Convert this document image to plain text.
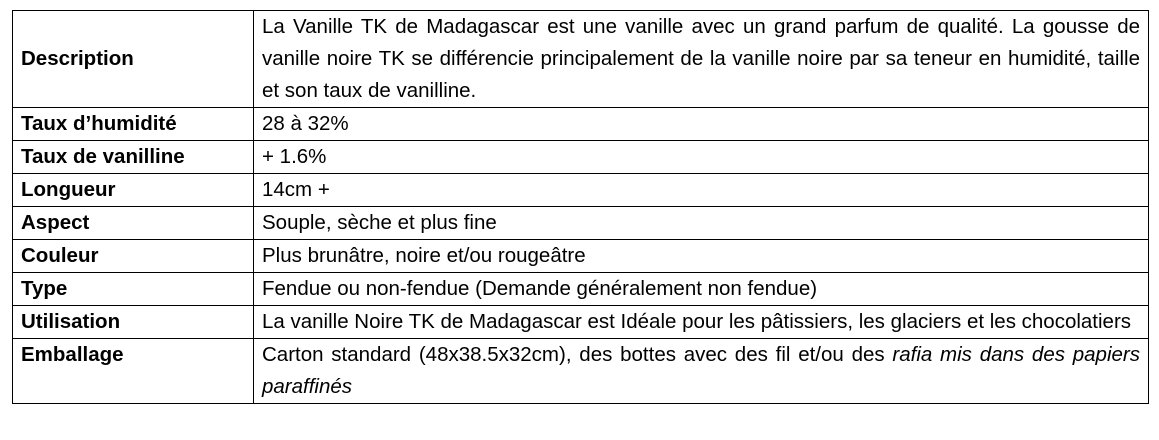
Description	La Vanille TK de Madagascar est une vanille avec un grand parfum de qualité. La gousse de vanille noire TK se différencie principalement de la vanille noire par sa teneur en humidité, taille et son taux de vanilline.
Taux d’humidité	28 à 32%
Taux de vanilline	+ 1.6%
Longueur	14cm +
Aspect	Souple, sèche et plus fine
Couleur	Plus brunâtre, noire et/ou rougeâtre
Type	Fendue ou non-fendue (Demande généralement non fendue)
Utilisation	La vanille Noire TK de Madagascar est Idéale pour les pâtissiers, les glaciers et les chocolatiers
Emballage	Carton standard (48x38.5x32cm), des bottes avec des fil et/ou des rafia mis dans des papiers paraffinés
